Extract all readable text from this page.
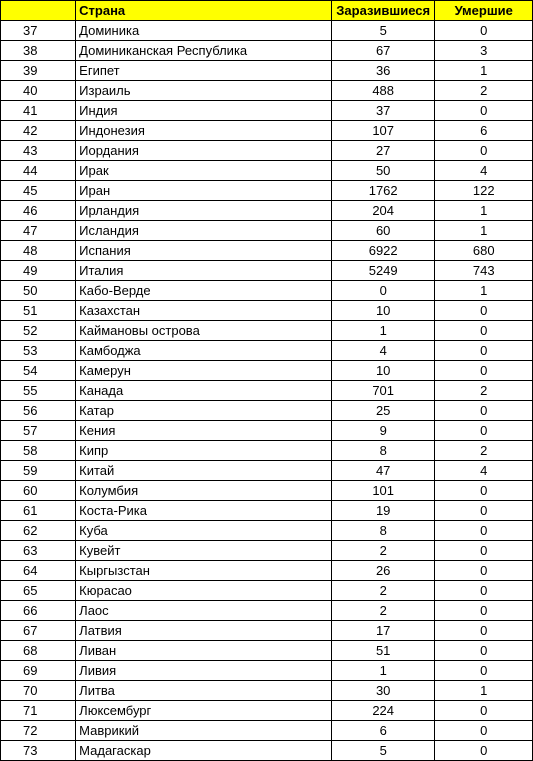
	Страна	Заразившиеся	Умершие
37	Доминика	5	0
38	Доминиканская Республика	67	3
39	Египет	36	1
40	Израиль	488	2
41	Индия	37	0
42	Индонезия	107	6
43	Иордания	27	0
44	Ирак	50	4
45	Иран	1762	122
46	Ирландия	204	1
47	Исландия	60	1
48	Испания	6922	680
49	Италия	5249	743
50	Кабо-Верде	0	1
51	Казахстан	10	0
52	Каймановы острова	1	0
53	Камбоджа	4	0
54	Камерун	10	0
55	Канада	701	2
56	Катар	25	0
57	Кения	9	0
58	Кипр	8	2
59	Китай	47	4
60	Колумбия	101	0
61	Коста-Рика	19	0
62	Куба	8	0
63	Кувейт	2	0
64	Кыргызстан	26	0
65	Кюрасао	2	0
66	Лаос	2	0
67	Латвия	17	0
68	Ливан	51	0
69	Ливия	1	0
70	Литва	30	1
71	Люксембург	224	0
72	Маврикий	6	0
73	Мадагаскар	5	0
